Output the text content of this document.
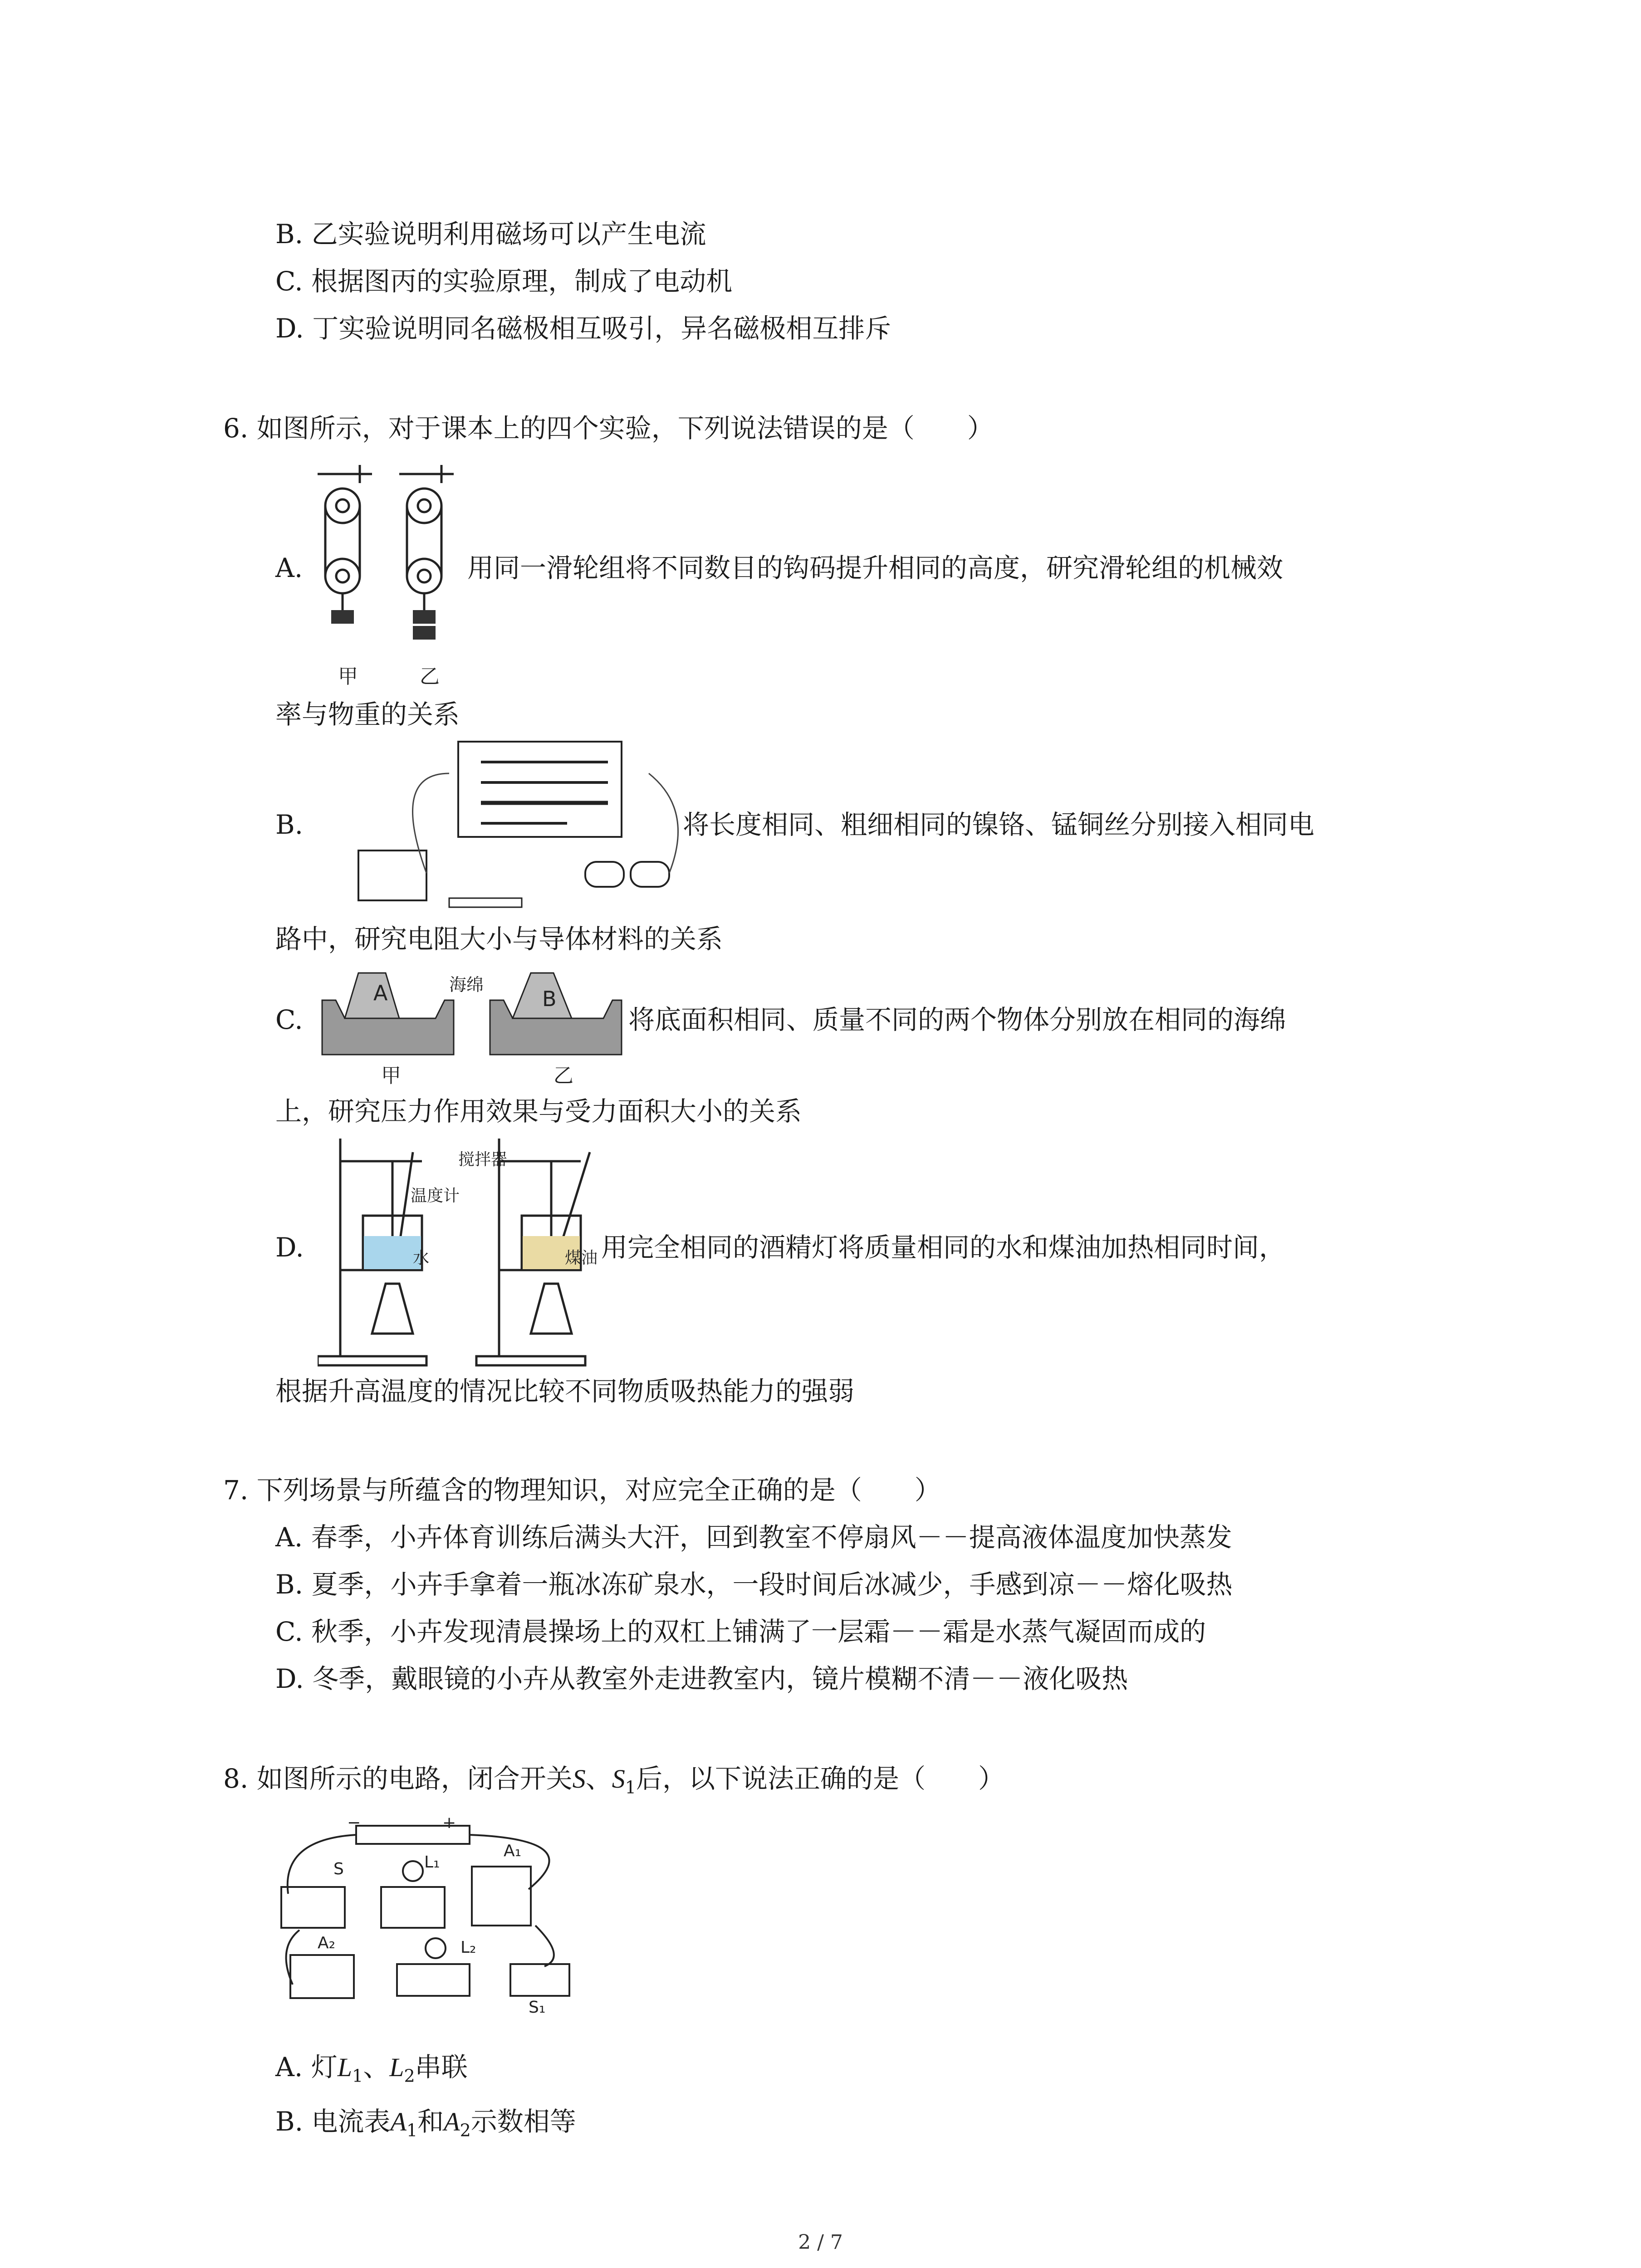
B. 乙实验说明利用磁场可以产生电流
C. 根据图丙的实验原理，制成了电动机
D. 丁实验说明同名磁极相互吸引，异名磁极相互排斥
6. 如图所示，对于课本上的四个实验，下列说法错误的是（　　）
A.
甲	乙
用同一滑轮组将不同数目的钩码提升相同的高度，研究滑轮组的机械效
率与物重的关系
B.	将长度相同、粗细相同的镍铬、锰铜丝分别接入相同电
路中，研究电阻大小与导体材料的关系
C.
A	B
海绵
甲	乙
将底面积相同、质量不同的两个物体分别放在相同的海绵
上，研究压力作用效果与受力面积大小的关系
D.
搅拌器
温度计
水	煤油 用完全相同的酒精灯将质量相同的水和煤油加热相同时间，
根据升高温度的情况比较不同物质吸热能力的强弱
7. 下列场景与所蕴含的物理知识，对应完全正确的是（　　）
A. 春季，小卉体育训练后满头大汗，回到教室不停扇风－－提高液体温度加快蒸发
B. 夏季，小卉手拿着一瓶冰冻矿泉水，一段时间后冰减少，手感到凉－－熔化吸热
C. 秋季，小卉发现清晨操场上的双杠上铺满了一层霜－－霜是水蒸气凝固而成的
D. 冬季，戴眼镜的小卉从教室外走进教室内，镜片模糊不清－－液化吸热
8. 如图所示的电路，闭合开关S、$S_1$后，以下说法正确的是（　　）
−	+
S	L₁
A₁
A₂	L₂
S₁
A. 灯$L_1$、$L_2$串联
B. 电流表$A_1$和$A_2$示数相等
2 / 7
